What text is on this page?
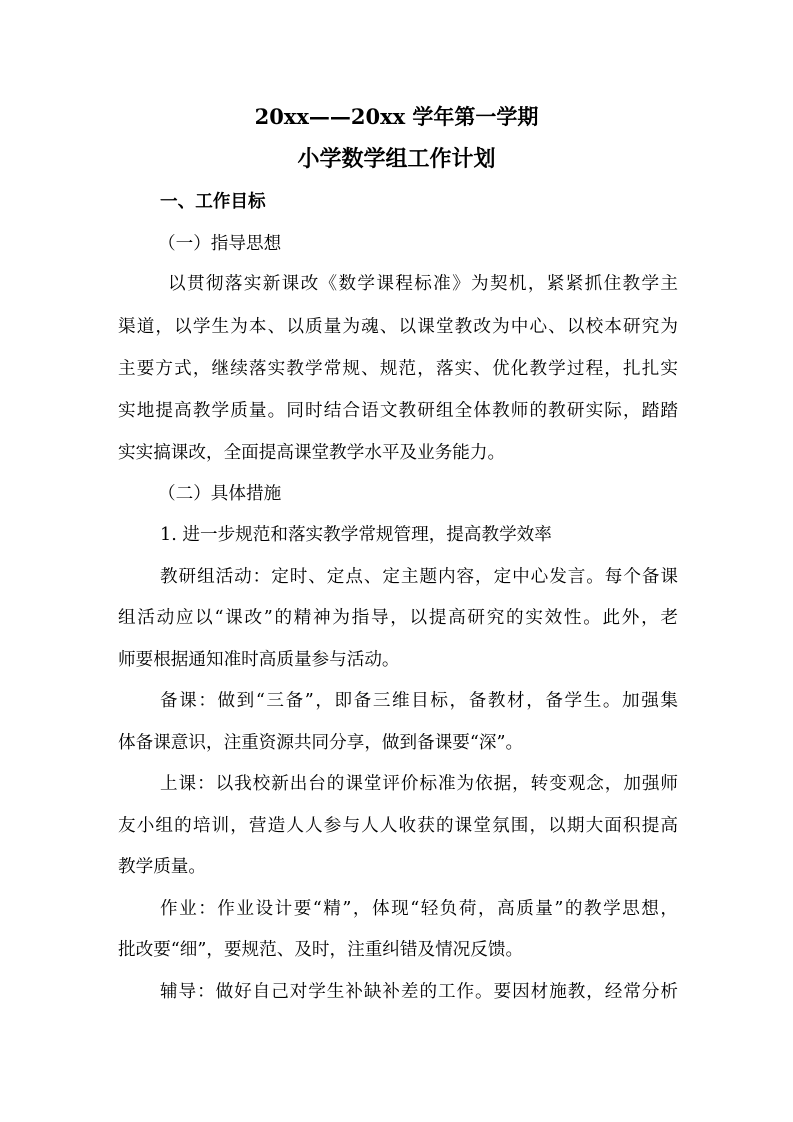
20xx——20xx 学年第一学期
小学数学组工作计划
一、工作目标
（一）指导思想
以贯彻落实新课改《数学课程标准》为契机，紧紧抓住教学主
渠道，以学生为本、以质量为魂、以课堂教改为中心、以校本研究为
主要方式，继续落实教学常规、规范，落实、优化教学过程，扎扎实
实地提高教学质量。同时结合语文教研组全体教师的教研实际，踏踏
实实搞课改，全面提高课堂教学水平及业务能力。
（二）具体措施
1. 进一步规范和落实教学常规管理，提高教学效率
教研组活动：定时、定点、定主题内容，定中心发言。每个备课
组活动应以“课改”的精神为指导，以提高研究的实效性。此外，老
师要根据通知准时高质量参与活动。
备课：做到“三备”，即备三维目标，备教材，备学生。加强集
体备课意识，注重资源共同分享，做到备课要“深”。
上课：以我校新出台的课堂评价标准为依据，转变观念，加强师
友小组的培训，营造人人参与人人收获的课堂氛围，以期大面积提高
教学质量。
作业：作业设计要“精”，体现“轻负荷，高质量”的教学思想，
批改要“细”，要规范、及时，注重纠错及情况反馈。
辅导：做好自己对学生补缺补差的工作。要因材施教，经常分析
